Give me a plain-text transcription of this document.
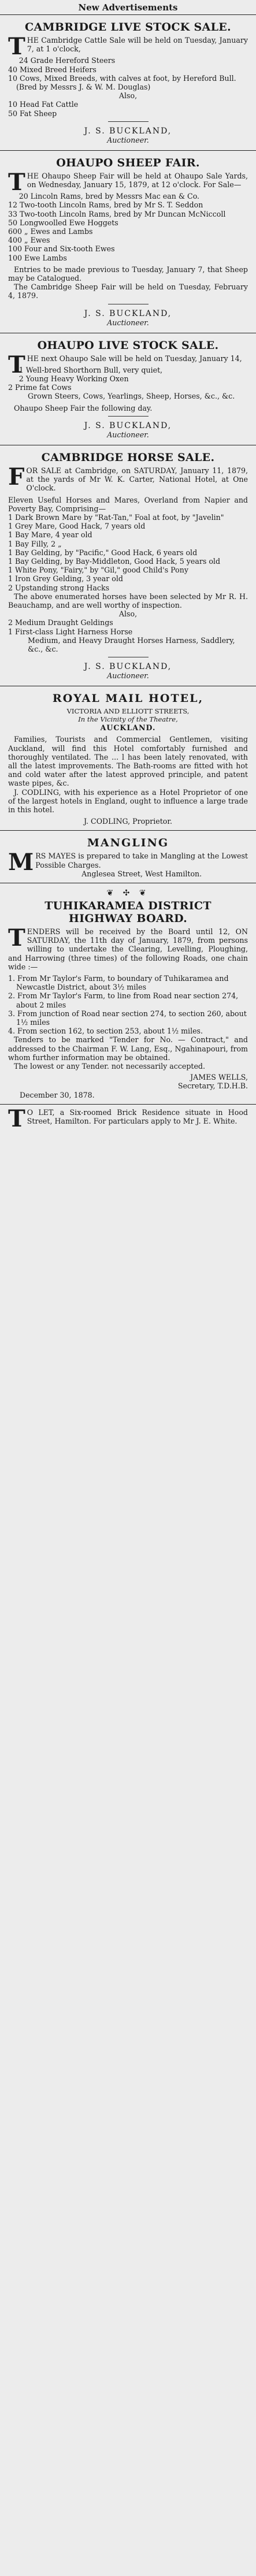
New Advertisements
CAMBRIDGE LIVE STOCK SALE.

THE Cambridge Cattle Sale will be held on Tuesday, January 7, at 1 o'clock,

24 Grade Hereford Steers

40 Mixed Breed Heifers

10 Cows, Mixed Breeds, with calves at foot, by Hereford Bull. (Bred by Messrs J. & W. M. Douglas)

Also,

10 Head Fat Cattle

50 Fat Sheep

J. S. BUCKLAND,
Auctioneer.
OHAUPO SHEEP FAIR.

THE Ohaupo Sheep Fair will be held at Ohaupo Sale Yards, on Wednesday, January 15, 1879, at 12 o'clock. For Sale—

20 Lincoln Rams, bred by Messrs Mac ean & Co.

12 Two-tooth Lincoln Rams, bred by Mr S. T. Seddon

33 Two-tooth Lincoln Rams, bred by Mr Duncan McNiccoll

50 Longwoolled Ewe Hoggets

600 „ Ewes and Lambs

400 „ Ewes

100 Four and Six-tooth Ewes

100 Ewe Lambs

Entries to be made previous to Tuesday, January 7, that Sheep may be Catalogued.

The Cambridge Sheep Fair will be held on Tuesday, February 4, 1879.

J. S. BUCKLAND,
Auctioneer.
OHAUPO LIVE STOCK SALE.

THE next Ohaupo Sale will be held on Tuesday, January 14,

1 Well-bred Shorthorn Bull, very quiet,

2 Young Heavy Working Oxen

2 Prime fat Cows

Grown Steers, Cows, Yearlings, Sheep, Horses, &c., &c.

Ohaupo Sheep Fair the following day.

J. S. BUCKLAND,
Auctioneer.
CAMBRIDGE HORSE SALE.

FOR SALE at Cambridge, on SATURDAY, January 11, 1879, at the yards of Mr W. K. Carter, National Hotel, at One O'clock.

Eleven Useful Horses and Mares, Overland from Napier and Poverty Bay, Comprising—

1 Dark Brown Mare by "Rat-Tan," Foal at foot, by "Javelin"

1 Grey Mare, Good Hack, 7 years old

1 Bay Mare, 4 year old

1 Bay Filly, 2 „

1 Bay Gelding, by "Pacific," Good Hack, 6 years old

1 Bay Gelding, by Bay-Middleton, Good Hack, 5 years old

1 White Pony, "Fairy," by "Gil," good Child's Pony

1 Iron Grey Gelding, 3 year old

2 Upstanding strong Hacks

The above enumerated horses have been selected by Mr R. H. Beauchamp, and are well worthy of inspection.

Also,

2 Medium Draught Geldings

1 First-class Light Harness Horse

Medium, and Heavy Draught Horses Harness, Saddlery, &c., &c.

J. S. BUCKLAND,
Auctioneer.
ROYAL MAIL HOTEL,

VICTORIA AND ELLIOTT STREETS,

In the Vicinity of the Theatre,

AUCKLAND.

Families, Tourists and Commercial Gentlemen, visiting Auckland, will find this Hotel comfortably furnished and thoroughly ventilated. The ... l has been lately renovated, with all the latest improvements. The Bath-rooms are fitted with hot and cold water after the latest approved principle, and patent waste pipes, &c.

J. CODLING, with his experience as a Hotel Proprietor of one of the largest hotels in England, ought to influence a large trade in this hotel.

J. CODLING, Proprietor.

MANGLING

MRS MAYES is prepared to take in Mangling at the Lowest Possible Charges.

Anglesea Street, West Hamilton.

❦ ✣ ❦
TUHIKARAMEA DISTRICT
HIGHWAY BOARD.

TENDERS will be received by the Board until 12, ON SATURDAY, the 11th day of January, 1879, from persons willing to undertake the Clearing, Levelling, Ploughing, and Harrowing (three times) of the following Roads, one chain wide :—

1. From Mr Taylor's Farm, to boundary of Tuhikaramea and Newcastle District, about 3½ miles

2. From Mr Taylor's Farm, to line from Road near section 274, about 2 miles

3. From junction of Road near section 274, to section 260, about 1½ miles

4. From section 162, to section 253, about 1½ miles.

Tenders to be marked "Tender for No. — Contract," and addressed to the Chairman F. W. Lang, Esq., Ngahinapouri, from whom further information may be obtained.

The lowest or any Tender. not necessarily accepted.

JAMES WELLS,

Secretary, T.D.H.B.

December 30, 1878.

T O LET, a Six-roomed Brick Residence situate in Hood Street, Hamilton. For particulars apply to Mr J. E. White.
